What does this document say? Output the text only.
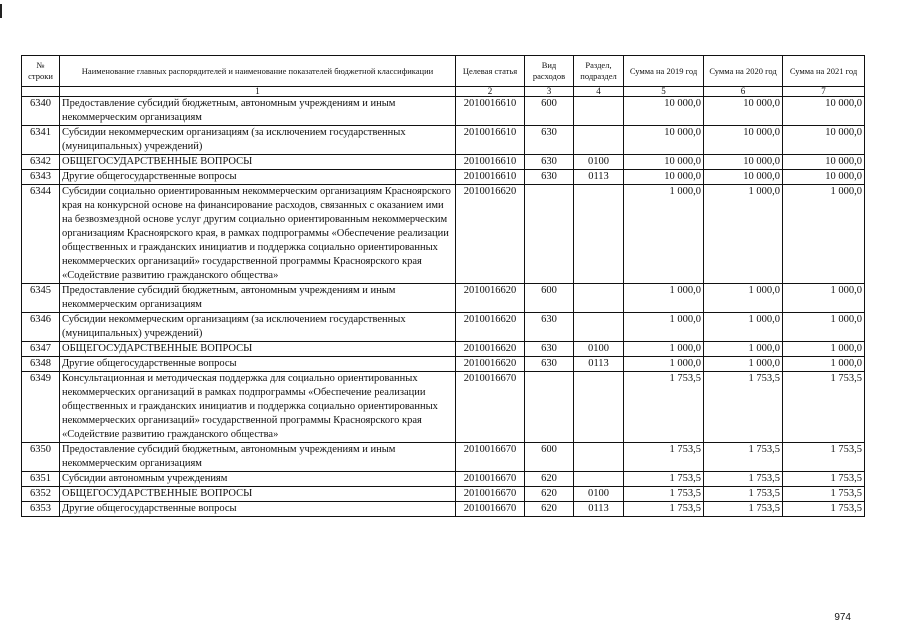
№ строки	Наименование главных распорядителей и наименование показателей бюджетной классификации	Целевая статья	Вид расходов	Раздел, подраздел	Сумма на 2019 год	Сумма на 2020 год	Сумма на 2021 год
	1	2	3	4	5	6	7
6340	Предоставление субсидий бюджетным, автономным учреждениям и иным некоммерческим организациям	2010016610	600		10 000,0	10 000,0	10 000,0
6341	Субсидии некоммерческим организациям (за исключением государственных (муниципальных) учреждений)	2010016610	630		10 000,0	10 000,0	10 000,0
6342	ОБЩЕГОСУДАРСТВЕННЫЕ ВОПРОСЫ	2010016610	630	0100	10 000,0	10 000,0	10 000,0
6343	Другие общегосударственные вопросы	2010016610	630	0113	10 000,0	10 000,0	10 000,0
6344	Субсидии социально ориентированным некоммерческим организациям Красноярского края на конкурсной основе на финансирование расходов, связанных с оказанием ими на безвозмездной основе услуг другим социально ориентированным некоммерческим организациям Красноярского края, в рамках подпрограммы «Обеспечение реализации общественных и гражданских инициатив и поддержка социально ориентированных некоммерческих организаций» государственной программы Красноярского края «Содействие развитию гражданского общества»	2010016620			1 000,0	1 000,0	1 000,0
6345	Предоставление субсидий бюджетным, автономным учреждениям и иным некоммерческим организациям	2010016620	600		1 000,0	1 000,0	1 000,0
6346	Субсидии некоммерческим организациям (за исключением государственных (муниципальных) учреждений)	2010016620	630		1 000,0	1 000,0	1 000,0
6347	ОБЩЕГОСУДАРСТВЕННЫЕ ВОПРОСЫ	2010016620	630	0100	1 000,0	1 000,0	1 000,0
6348	Другие общегосударственные вопросы	2010016620	630	0113	1 000,0	1 000,0	1 000,0
6349	Консультационная и методическая поддержка для социально ориентированных некоммерческих организаций в рамках подпрограммы «Обеспечение реализации общественных и гражданских инициатив и поддержка социально ориентированных некоммерческих организаций» государственной программы Красноярского края «Содействие развитию гражданского общества»	2010016670			1 753,5	1 753,5	1 753,5
6350	Предоставление субсидий бюджетным, автономным учреждениям и иным некоммерческим организациям	2010016670	600		1 753,5	1 753,5	1 753,5
6351	Субсидии автономным учреждениям	2010016670	620		1 753,5	1 753,5	1 753,5
6352	ОБЩЕГОСУДАРСТВЕННЫЕ ВОПРОСЫ	2010016670	620	0100	1 753,5	1 753,5	1 753,5
6353	Другие общегосударственные вопросы	2010016670	620	0113	1 753,5	1 753,5	1 753,5
974
